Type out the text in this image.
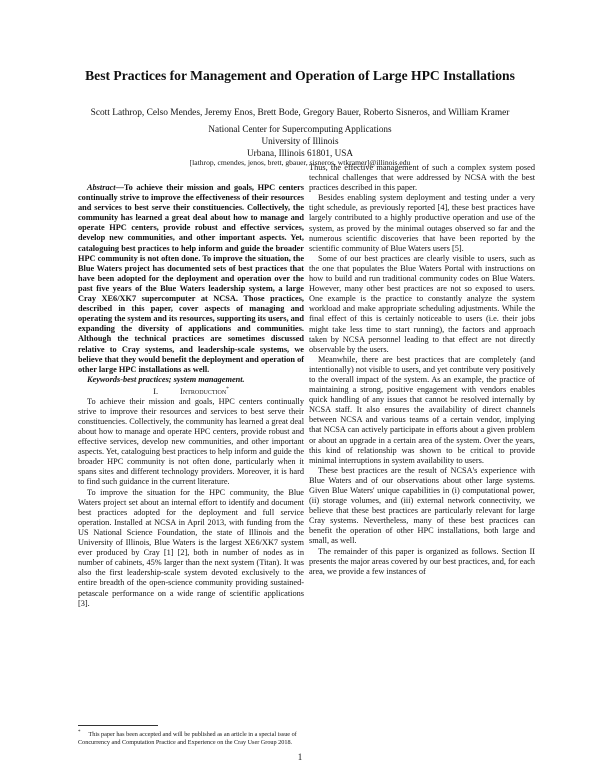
Best Practices for Management and Operation of Large HPC Installations
Scott Lathrop, Celso Mendes, Jeremy Enos, Brett Bode, Gregory Bauer, Roberto Sisneros, and William Kramer
National Center for Supercomputing Applications
University of Illinois
Urbana, Illinois 61801, USA
[lathrop, cmendes, jenos, brett, gbauer, sisneros, wtkramer]@illinois.edu

Abstract—To achieve their mission and goals, HPC centers continually strive to improve the effectiveness of their resources and services to best serve their constituencies. Collectively, the community has learned a great deal about how to manage and operate HPC centers, provide robust and effective services, develop new communities, and other important aspects. Yet, cataloguing best practices to help inform and guide the broader HPC community is not often done. To improve the situation, the Blue Waters project has documented sets of best practices that have been adopted for the deployment and operation over the past five years of the Blue Waters leadership system, a large Cray XE6/XK7 supercomputer at NCSA. Those practices, described in this paper, cover aspects of managing and operating the system and its resources, supporting its users, and expanding the diversity of applications and communities. Although the technical practices are sometimes discussed relative to Cray systems, and leadership-scale systems, we believe that they would benefit the deployment and operation of other large HPC installations as well.

Keywords-best practices; system management.

I.	Introduction*

To achieve their mission and goals, HPC centers continually strive to improve their resources and services to best serve their constituencies. Collectively, the community has learned a great deal about how to manage and operate HPC centers, provide robust and effective services, develop new communities, and other important aspects. Yet, cataloguing best practices to help inform and guide the broader HPC community is not often done, particularly when it spans sites and different technology providers. Moreover, it is hard to find such guidance in the current literature.

To improve the situation for the HPC community, the Blue Waters project set about an internal effort to identify and document best practices adopted for the deployment and full service operation. Installed at NCSA in April 2013, with funding from the US National Science Foundation, the state of Illinois and the University of Illinois, Blue Waters is the largest XE6/XK7 system ever produced by Cray [1] [2], both in number of nodes as in number of cabinets, 45% larger than the next system (Titan). It was also the first leadership-scale system devoted exclusively to the entire breadth of the open-science community providing sustained-petascale performance on a wide range of scientific applications [3].

Thus, the effective management of such a complex system posed technical challenges that were addressed by NCSA with the best practices described in this paper.

Besides enabling system deployment and testing under a very tight schedule, as previously reported [4], these best practices have largely contributed to a highly productive operation and use of the system, as proved by the minimal outages observed so far and the numerous scientific discoveries that have been reported by the scientific community of Blue Waters users [5].

Some of our best practices are clearly visible to users, such as the one that populates the Blue Waters Portal with instructions on how to build and run traditional community codes on Blue Waters. However, many other best practices are not so exposed to users. One example is the practice to constantly analyze the system workload and make appropriate scheduling adjustments. While the final effect of this is certainly noticeable to users (i.e. their jobs might take less time to start running), the factors and approach taken by NCSA personnel leading to that effect are not directly observable by the users.

Meanwhile, there are best practices that are completely (and intentionally) not visible to users, and yet contribute very positively to the overall impact of the system. As an example, the practice of maintaining a strong, positive engagement with vendors enables quick handling of any issues that cannot be resolved internally by NCSA staff. It also ensures the availability of direct channels between NCSA and various teams of a certain vendor, implying that NCSA can actively participate in efforts about a given problem or about an upgrade in a certain area of the system. Over the years, this kind of relationship was shown to be critical to provide minimal interruptions in system availability to users.

These best practices are the result of NCSA's experience with Blue Waters and of our observations about other large systems. Given Blue Waters' unique capabilities in (i) computational power, (ii) storage volumes, and (iii) external network connectivity, we believe that these best practices are particularly relevant for large Cray systems. Nevertheless, many of these best practices can benefit the operation of other HPC installations, both large and small, as well.

The remainder of this paper is organized as follows. Section II presents the major areas covered by our best practices, and, for each area, we provide a few instances of

* This paper has been accepted and will be published as an article in a special issue of Concurrency and Computation Practice and Experience on the Cray User Group 2018.
1
